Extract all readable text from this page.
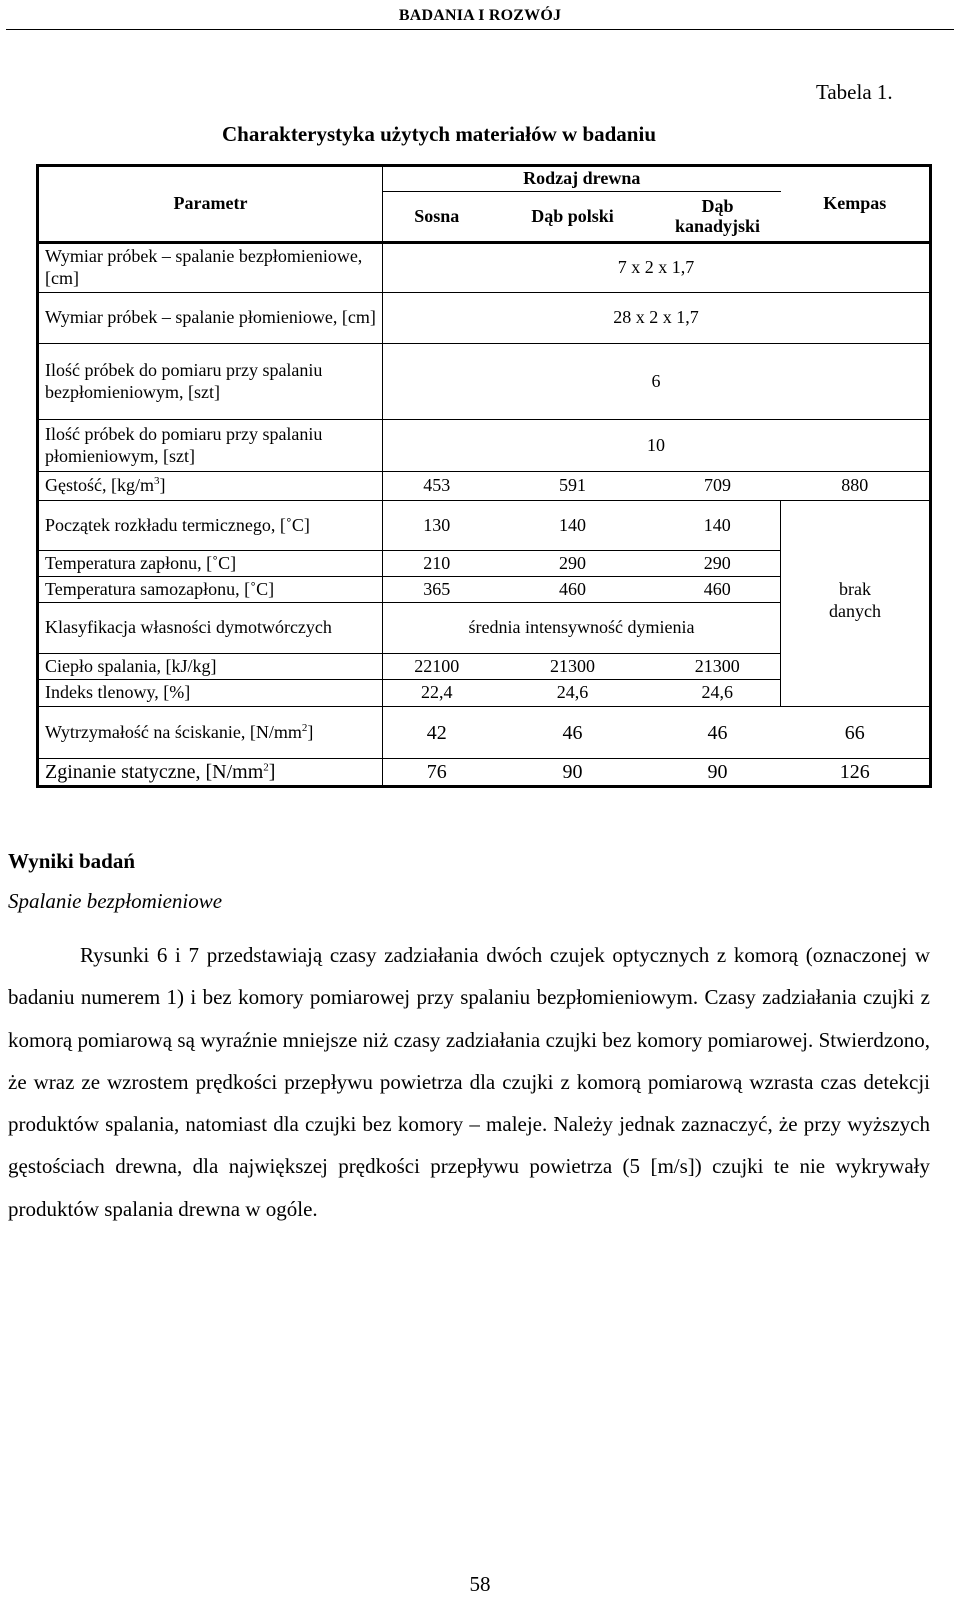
BADANIA I ROZWÓJ
Tabela 1.
Charakterystyka użytych materiałów w badaniu
Parametr	Rodzaj drewna			Kempas
	Sosna	Dąb polski	Dąb kanadyjski	
Wymiar próbek – spalanie bezpłomieniowe, [cm]	7 x 2 x 1,7			
Wymiar próbek – spalanie płomieniowe, [cm]	28 x 2 x 1,7			
Ilość próbek do pomiaru przy spalaniu bezpłomieniowym, [szt]	6			
Ilość próbek do pomiaru przy spalaniu płomieniowym, [szt]	10			
Gęstość, $[kg/m^3]$	453	591	709	880
Początek rozkładu termicznego, [˚C]	130	140	140	brak danych
Temperatura zapłonu, [˚C]	210	290	290	
Temperatura samozapłonu, [˚C]	365	460	460	
Klasyfikacja własności dymotwórczych	średnia intensywność dymienia			
Ciepło spalania, [kJ/kg]	22100	21300	21300	
Indeks tlenowy, [%]	22,4	24,6	24,6	
Wytrzymałość na ściskanie, $[N/mm^2]$	42	46	46	66
Zginanie statyczne, $[N/mm^2]$	76	90	90	126
Wyniki badań
Spalanie bezpłomieniowe
Rysunki 6 i 7 przedstawiają czasy zadziałania dwóch czujek optycznych z komorą (oznaczonej w badaniu numerem 1) i bez komory pomiarowej przy spalaniu bezpłomieniowym. Czasy zadziałania czujki z komorą pomiarową są wyraźnie mniejsze niż czasy zadziałania czujki bez komory pomiarowej. Stwierdzono, że wraz ze wzrostem prędkości przepływu powietrza dla czujki z komorą pomiarową wzrasta czas detekcji produktów spalania, natomiast dla czujki bez komory – maleje. Należy jednak zaznaczyć, że przy wyższych gęstościach drewna, dla największej prędkości przepływu powietrza (5 [m/s]) czujki te nie wykrywały produktów spalania drewna w ogóle.
58
